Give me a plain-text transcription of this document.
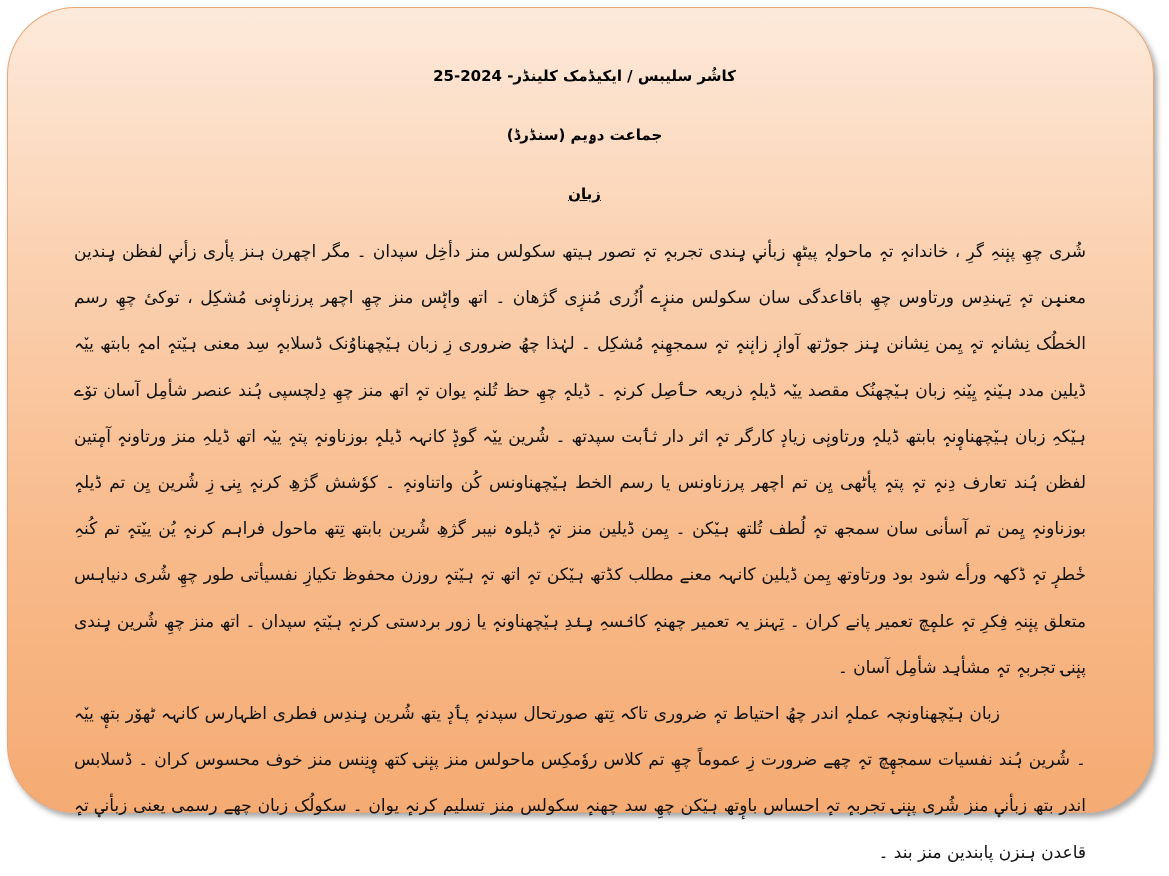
کاشُر سلیبس / ایکیڈمک کلینڈر- 2024-25
جماعت دۄیم (سنڈرڈ)
زبان

شُری چھِ پنٕنہِ گرِ ، خاندانہٕ تہٕ ماحولہٕ پیٹھٕ زبأنؠ ہٕندی تجربہٕ تہٕ تصور ہیتھ سکولس منز دأخِل سپدان ۔ مگر اچھرن ہنز پأری زأنؠ لفظن ہٕندین معنیٖن تہٕ تِہندِس ورتاوس چھِ باقاعدگی سان سکولس منزٕے اُزُری مُنزٕی گژھان ۔ اتھ واٹٕس منز چھِ اچھر پرزناوٕنی مُشکِل ، توکیٔ چھِ رسم الخطُک نِشانہٕ تہٕ یِمن نِشانن ہٕنز جوڑتھ آوازٕ زانٕنہٕ تہٕ سمجھِنہٕ مُشکِل ۔ لہٰذا چھُ ضروری زِ زبان ہیٚچھناوُنک ڈسلابہٕ سِد معنی ہیٚتہٕ امہٕ بابتھ ییٚہ ڈیلین مدد ہیٚنہٕ یِیٚنہِ زبان ہیٚچھنُک مقصد ییٚہ ڈیلہٕ ذریعہ حٲصِل کرنہٕ ۔ ڈیلہٕ چھِ حظ تُلنہٕ یوان تہٕ اتھ منز چھِ دِلچسپی ہُند عنصر شأمِل آسان توٚے ہیٚکہِ زبان ہیٚچھناوٕنہٕ بابتھ ڈیلہٕ ورتاونٕی زیادٕ کارگر تہٕ اثر دار ثٲبت سپدتھ ۔ شُرین ییٚہ گوڈٕ کانہہ ڈیلہٕ بوزناونہٕ پتہٕ ییٚہ اتھ ڈیلہِ منز ورتاونہٕ آمٕتین لفظن ہُند تعارف دِنہٕ تہٕ پتہٕ پأٹھی یِن تم اچھر پرزناونس یا رسم الخط ہیٚچھناونس کُن واتناونہٕ ۔ کوٗشش گژھِ کرنہٕ یِنۍ زِ شُرین یِن تم ڈیلہٕ بوزناونہٕ یِمن تم آسأنی سان سمجھ تہٕ لُطف تُلتھ ہیٚکن ۔ یِمن ڈیلین منز تہٕ ڈیلوہ نیبر گژھِ شُرین بابتھ تِتھ ماحول فراہم کرنہٕ یُن ییٚتہٕ تم کُنہِ خٔطرٕ تہٕ ڈکھہ ورأے شود بود ورتاوتھ یِمن ڈیلین کانہہ معنے مطلب کڈتھ ہیٚکن تہٕ اتھ تہٕ ہیٚتہٕ روزن محفوظ تکیازِ نفسیأتی طور چھِ شُری دنیاہس متعلق پنٕنہِ فِکرِ تہٕ علمٕچ تعمیر پانے کران ۔ تِہنز یہ تعمیر چھنہٕ کانٛسہِ ہٕنٛدِ ہیٚچھناونہٕ یا زور بردستی کرنہٕ ہیٚتہٕ سپدان ۔ اتھ منز چھِ شُرین ہٕندی پنٕنۍ تجربہٕ تہٕ مشأہِد شأمِل آسان ۔

زبان ہیٚچھناونچہ عملہٕ اندر چھُ احتیاط تہٕ ضروری تاکہ تِتھ صورتحال سپدنہٕ پٲدٕ یتھ شُرین ہٕندِس فطری اظہارس کانہہ ٹھوٚر بتھٕ ییٚہ ۔ شُرین ہُند نفسیات سمجھٕچ تہٕ چھے ضرورت زِ عموماً چھِ تم کلاس روٗمکِس ماحولس منز پنٕنۍ کتھ وٕنِنس منز خوف محسوس کران ۔ ڈسلابس اندر بتھ زبأنؠ منز شُری پنٕنۍ تجربہٕ تہٕ احساس باوٕتھ ہیٚکن چھِ سد چھنہٕ سکولس منز تسلیم کرنہٕ یوان ۔ سکولُک زبان چھے رسمی یعنی زبأنؠ تہٕ قاعدن ہنزن پابندین منز بند ۔
